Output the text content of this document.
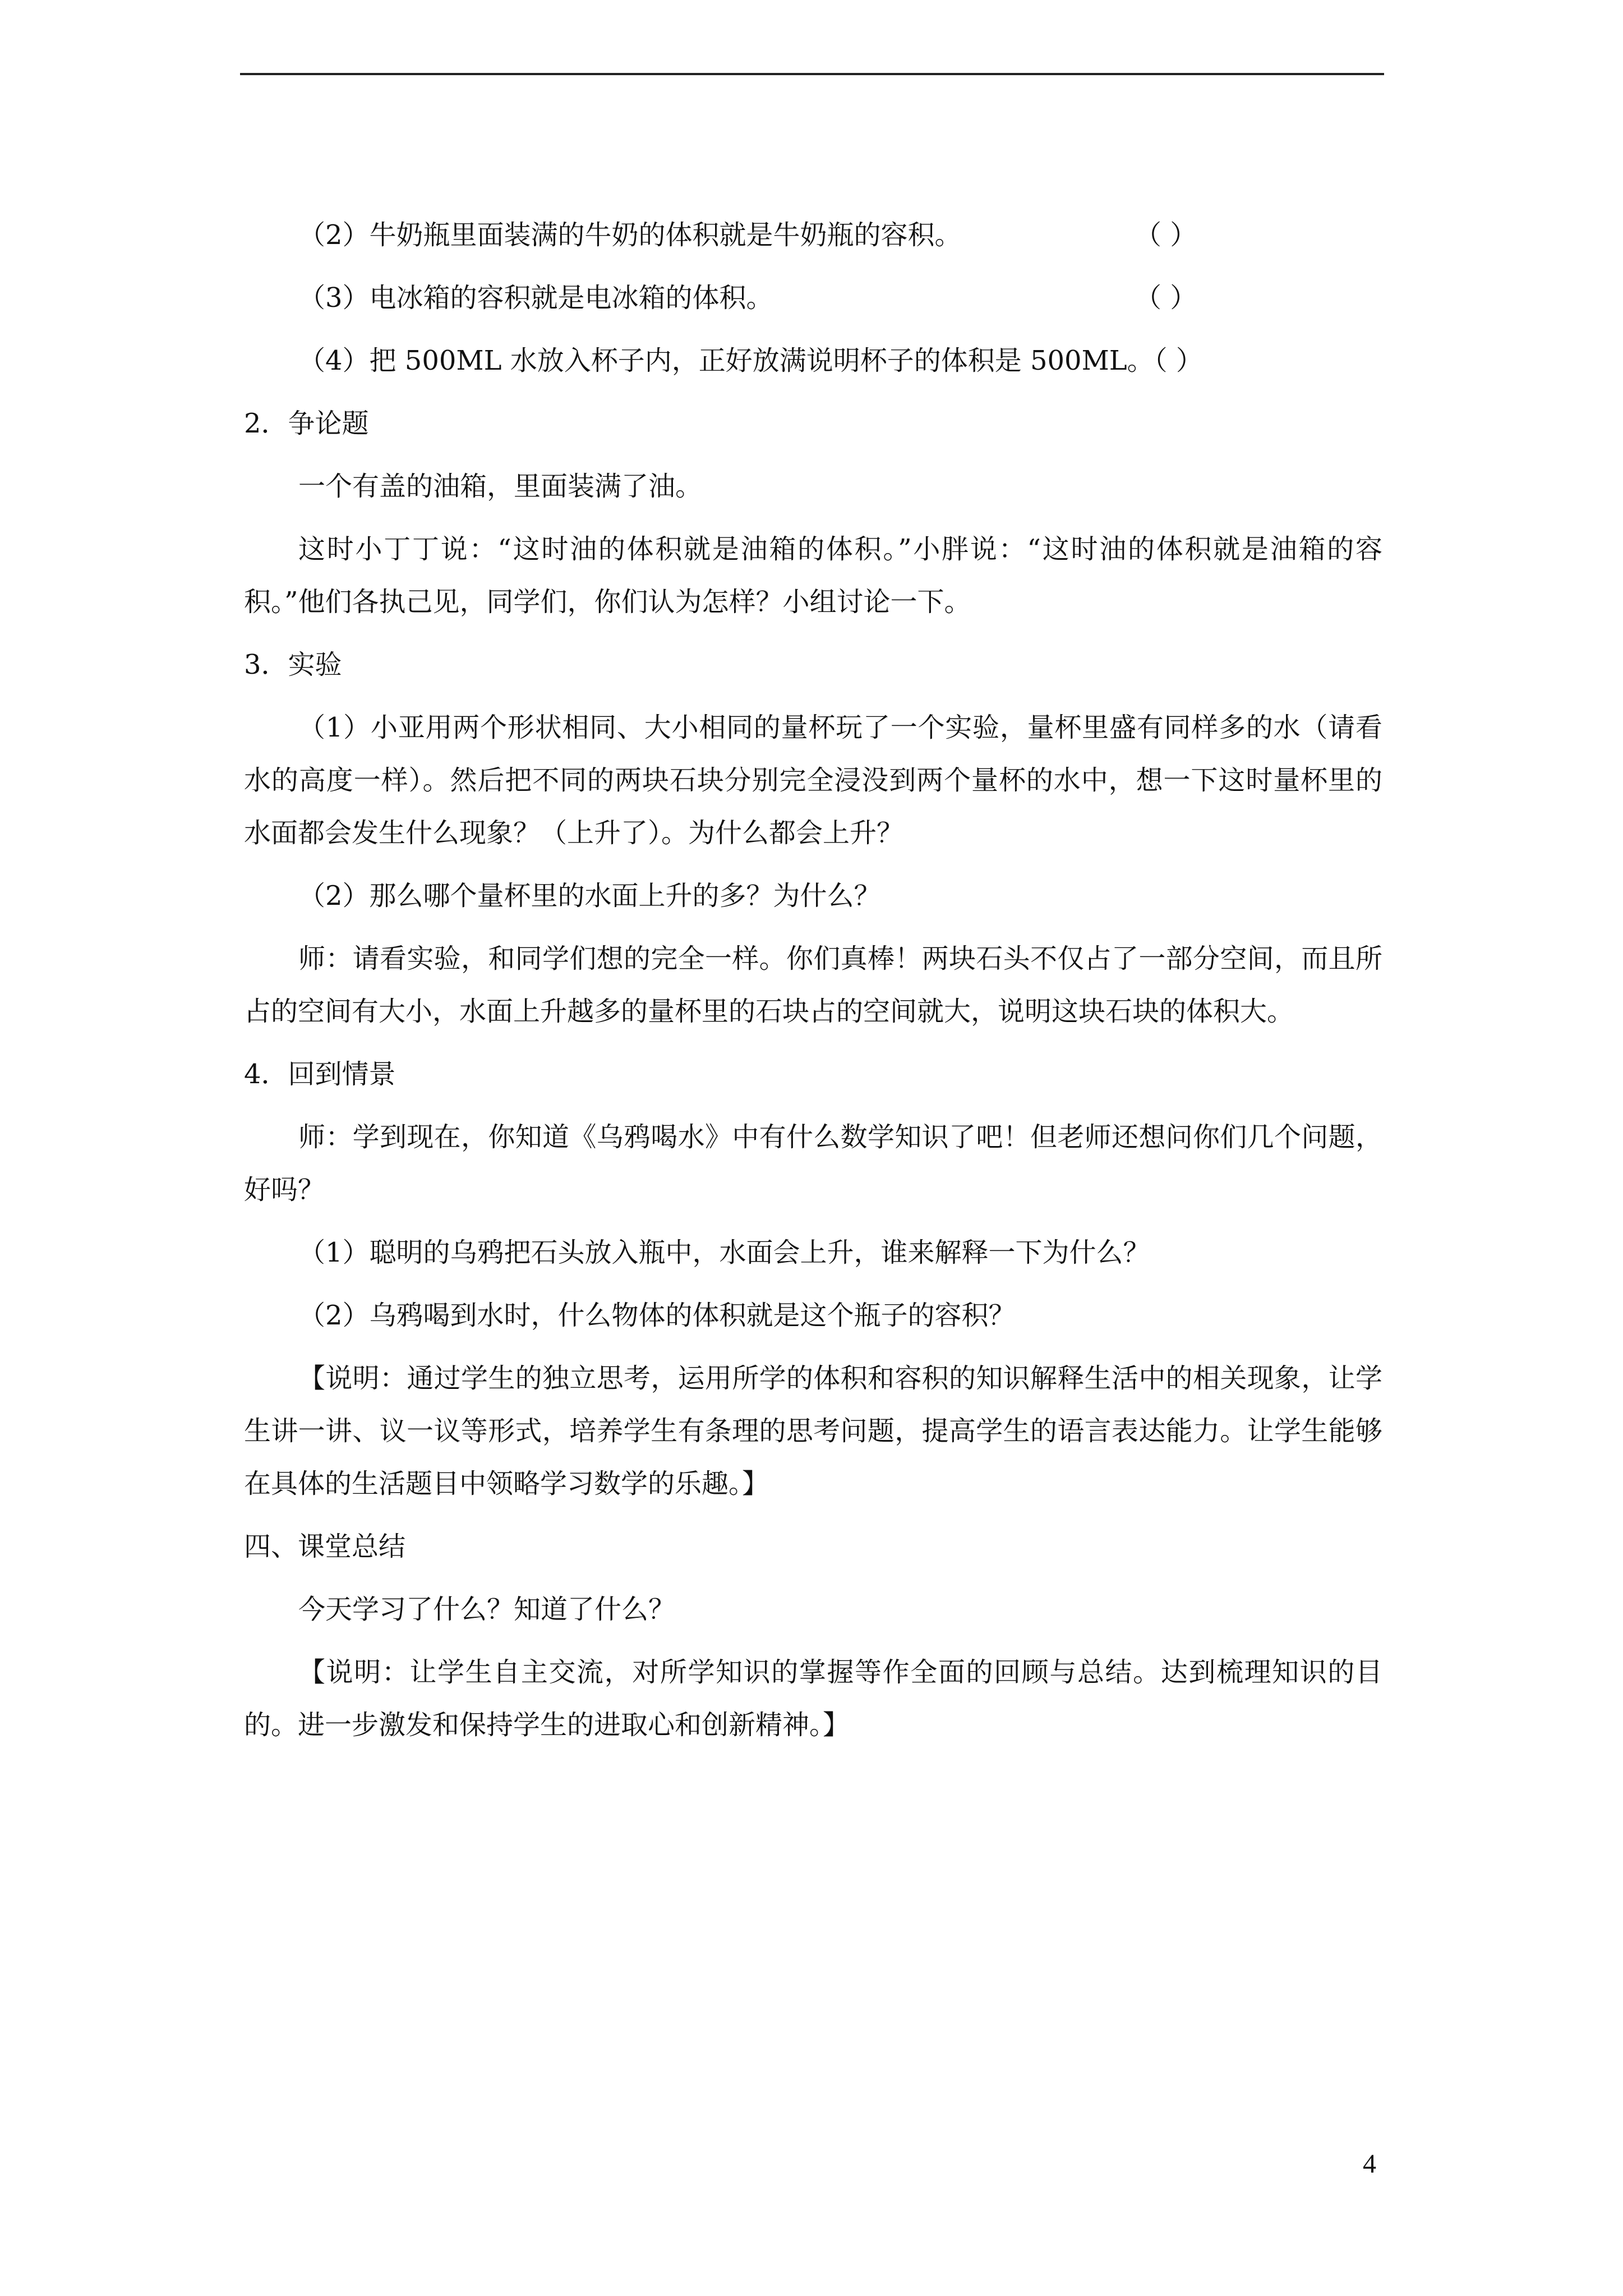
（2）牛奶瓶里面装满的牛奶的体积就是牛奶瓶的容积。	（ ）
（3）电冰箱的容积就是电冰箱的体积。	（ ）
（4）把 500ML 水放入杯子内，正好放满说明杯子的体积是 500ML。（ ）

2．争论题

一个有盖的油箱，里面装满了油。

这时小丁丁说：“这时油的体积就是油箱的体积。”小胖说：“这时油的体积就是油箱的容积。”他们各执己见，同学们，你们认为怎样？小组讨论一下。

3．实验

（1）小亚用两个形状相同、大小相同的量杯玩了一个实验，量杯里盛有同样多的水（请看水的高度一样）。然后把不同的两块石块分别完全浸没到两个量杯的水中，想一下这时量杯里的水面都会发生什么现象？（上升了）。为什么都会上升？

（2）那么哪个量杯里的水面上升的多？为什么？

师：请看实验，和同学们想的完全一样。你们真棒！两块石头不仅占了一部分空间，而且所占的空间有大小，水面上升越多的量杯里的石块占的空间就大，说明这块石块的体积大。

4．回到情景

师：学到现在，你知道《乌鸦喝水》中有什么数学知识了吧！但老师还想问你们几个问题，好吗？

（1）聪明的乌鸦把石头放入瓶中，水面会上升，谁来解释一下为什么？

（2）乌鸦喝到水时，什么物体的体积就是这个瓶子的容积？

【说明：通过学生的独立思考，运用所学的体积和容积的知识解释生活中的相关现象，让学生讲一讲、议一议等形式，培养学生有条理的思考问题，提高学生的语言表达能力。让学生能够在具体的生活题目中领略学习数学的乐趣。】

四、课堂总结

今天学习了什么？知道了什么？

【说明：让学生自主交流，对所学知识的掌握等作全面的回顾与总结。达到梳理知识的目的。进一步激发和保持学生的进取心和创新精神。】

4
